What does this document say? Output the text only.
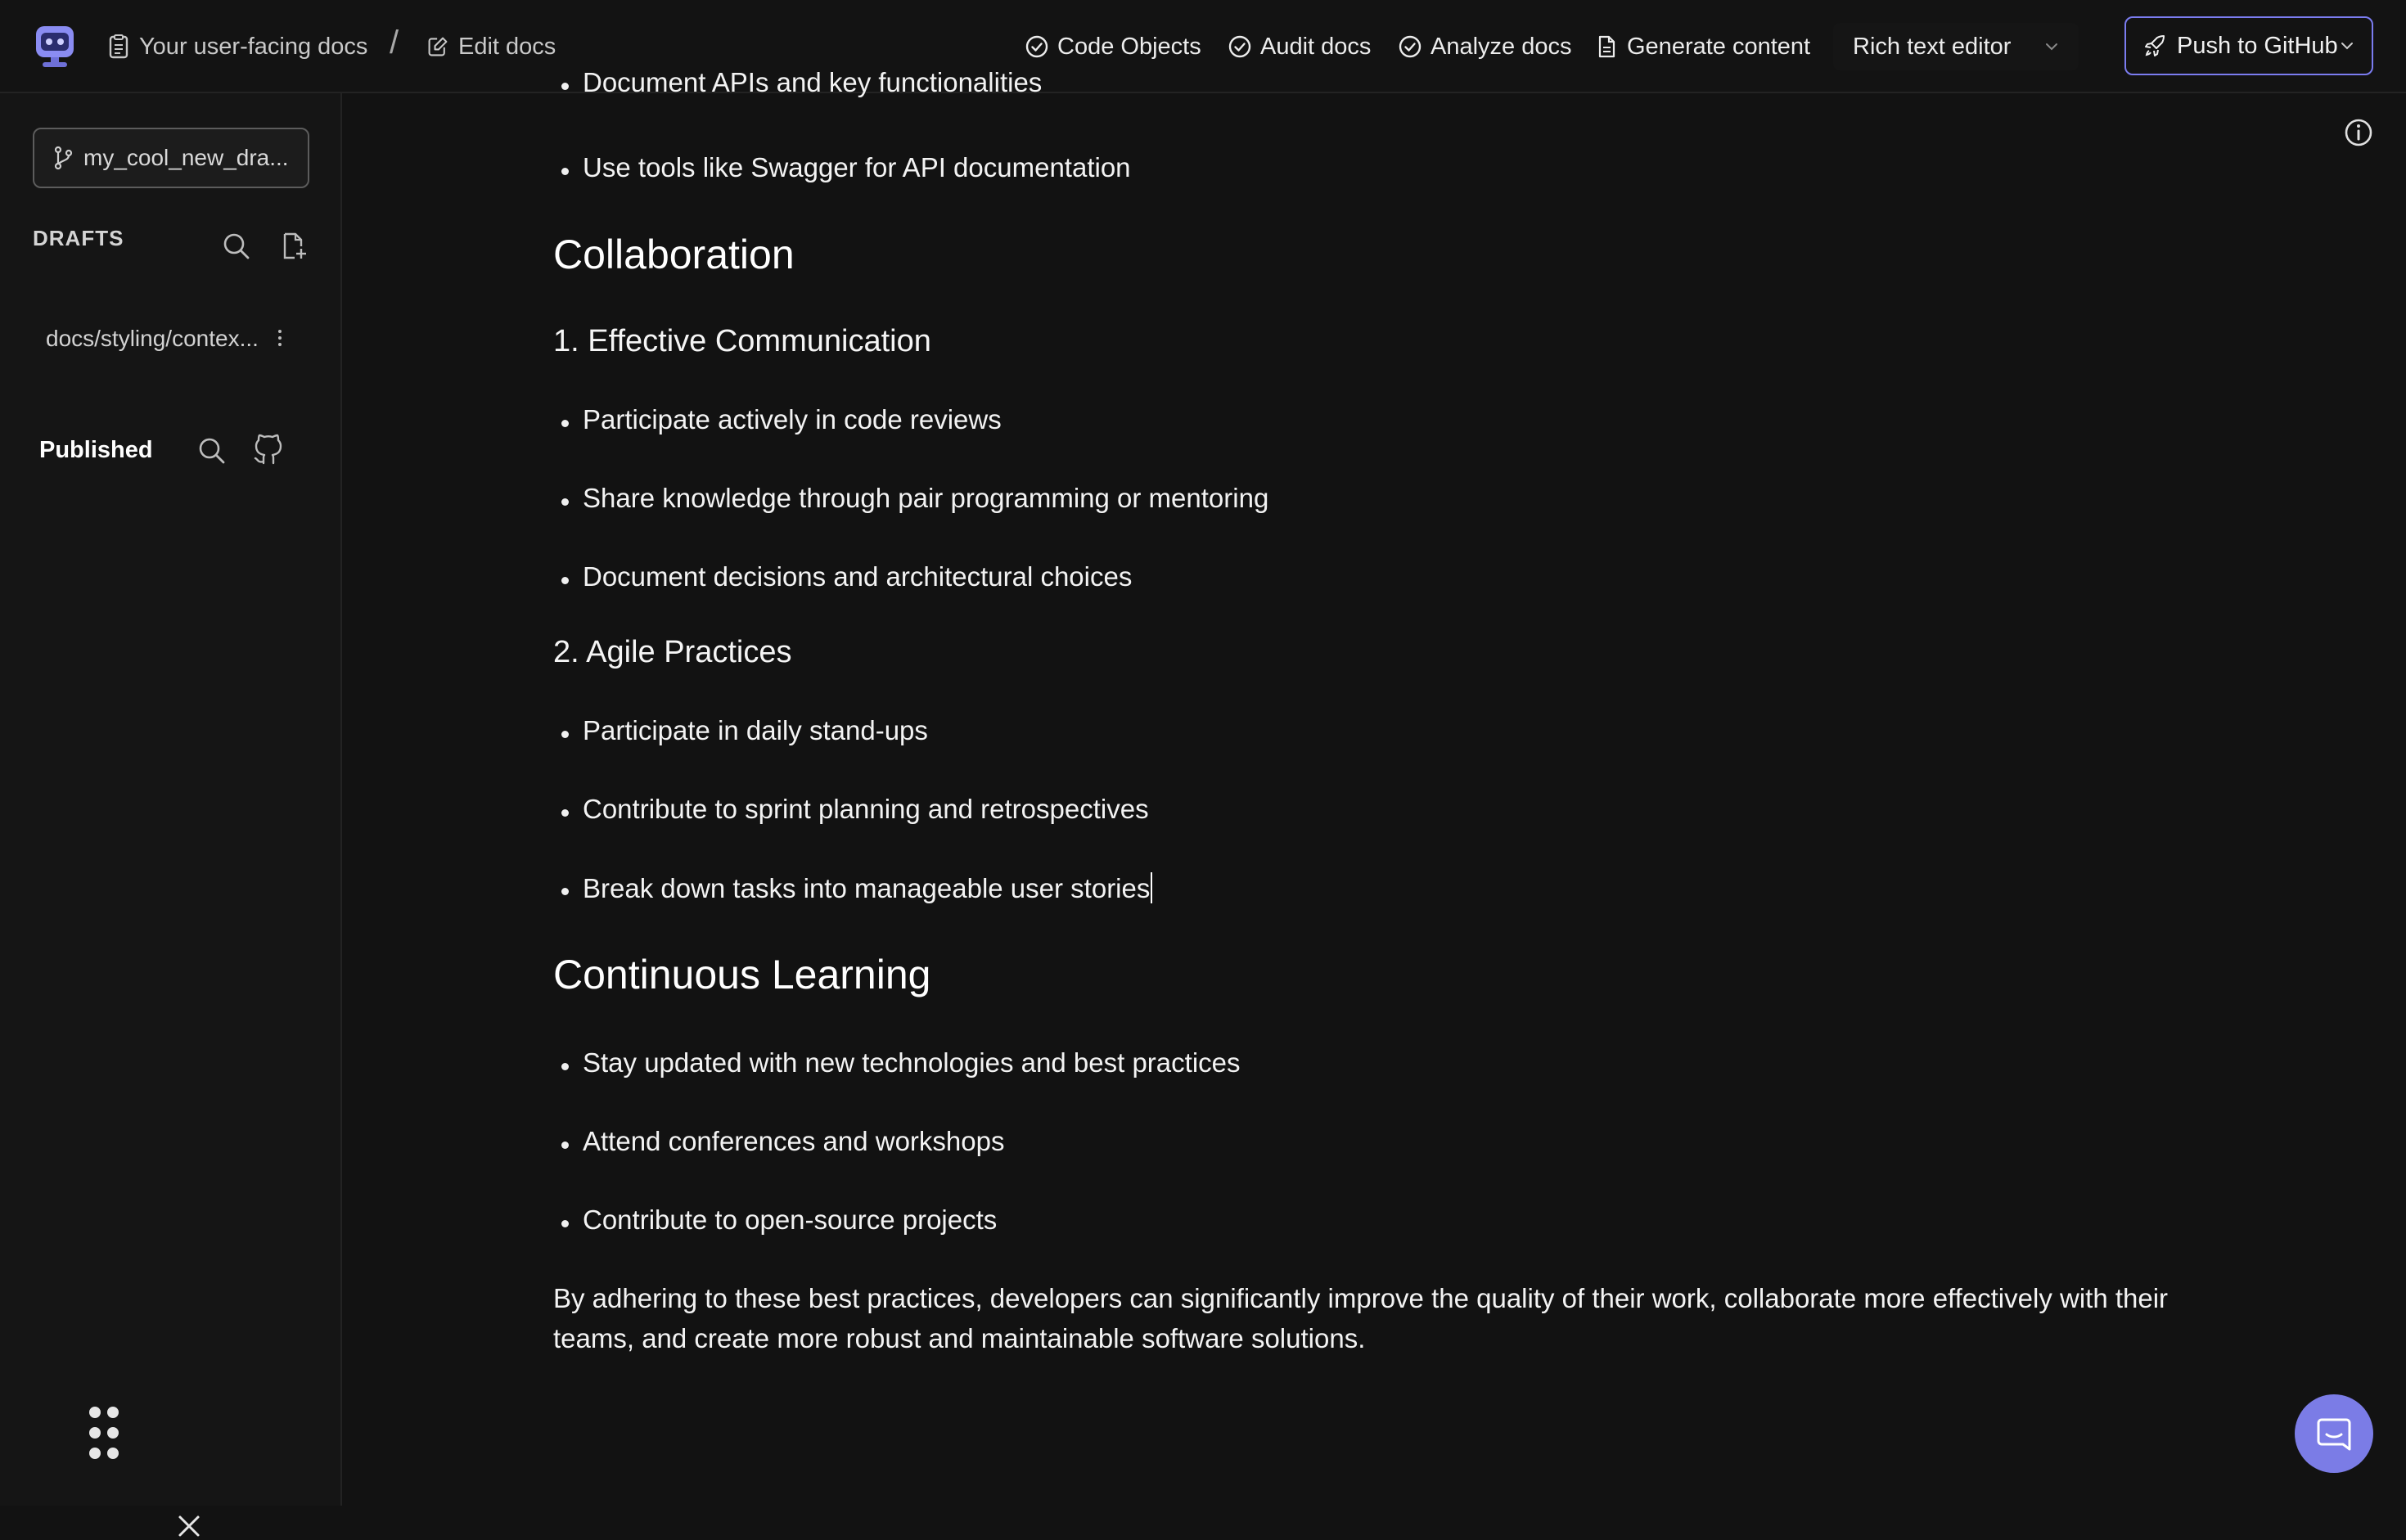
Your user-facing docs /	Edit docs	Code Objects Audit docs	Analyze docs Generate content Rich text editor	Push to GitHub
my_cool_new_dra...
DRAFTS
docs/styling/contex...
Published
Document APIs and key functionalities
Use tools like Swagger for API documentation
Collaboration
1. Effective Communication
Participate actively in code reviews
Share knowledge through pair programming or mentoring
Document decisions and architectural choices
2. Agile Practices
Participate in daily stand-ups
Contribute to sprint planning and retrospectives
Break down tasks into manageable user stories
Continuous Learning
Stay updated with new technologies and best practices
Attend conferences and workshops
Contribute to open-source projects
By adhering to these best practices, developers can significantly improve the quality of their work, collaborate more effectively with their teams, and create more robust and maintainable software solutions.
